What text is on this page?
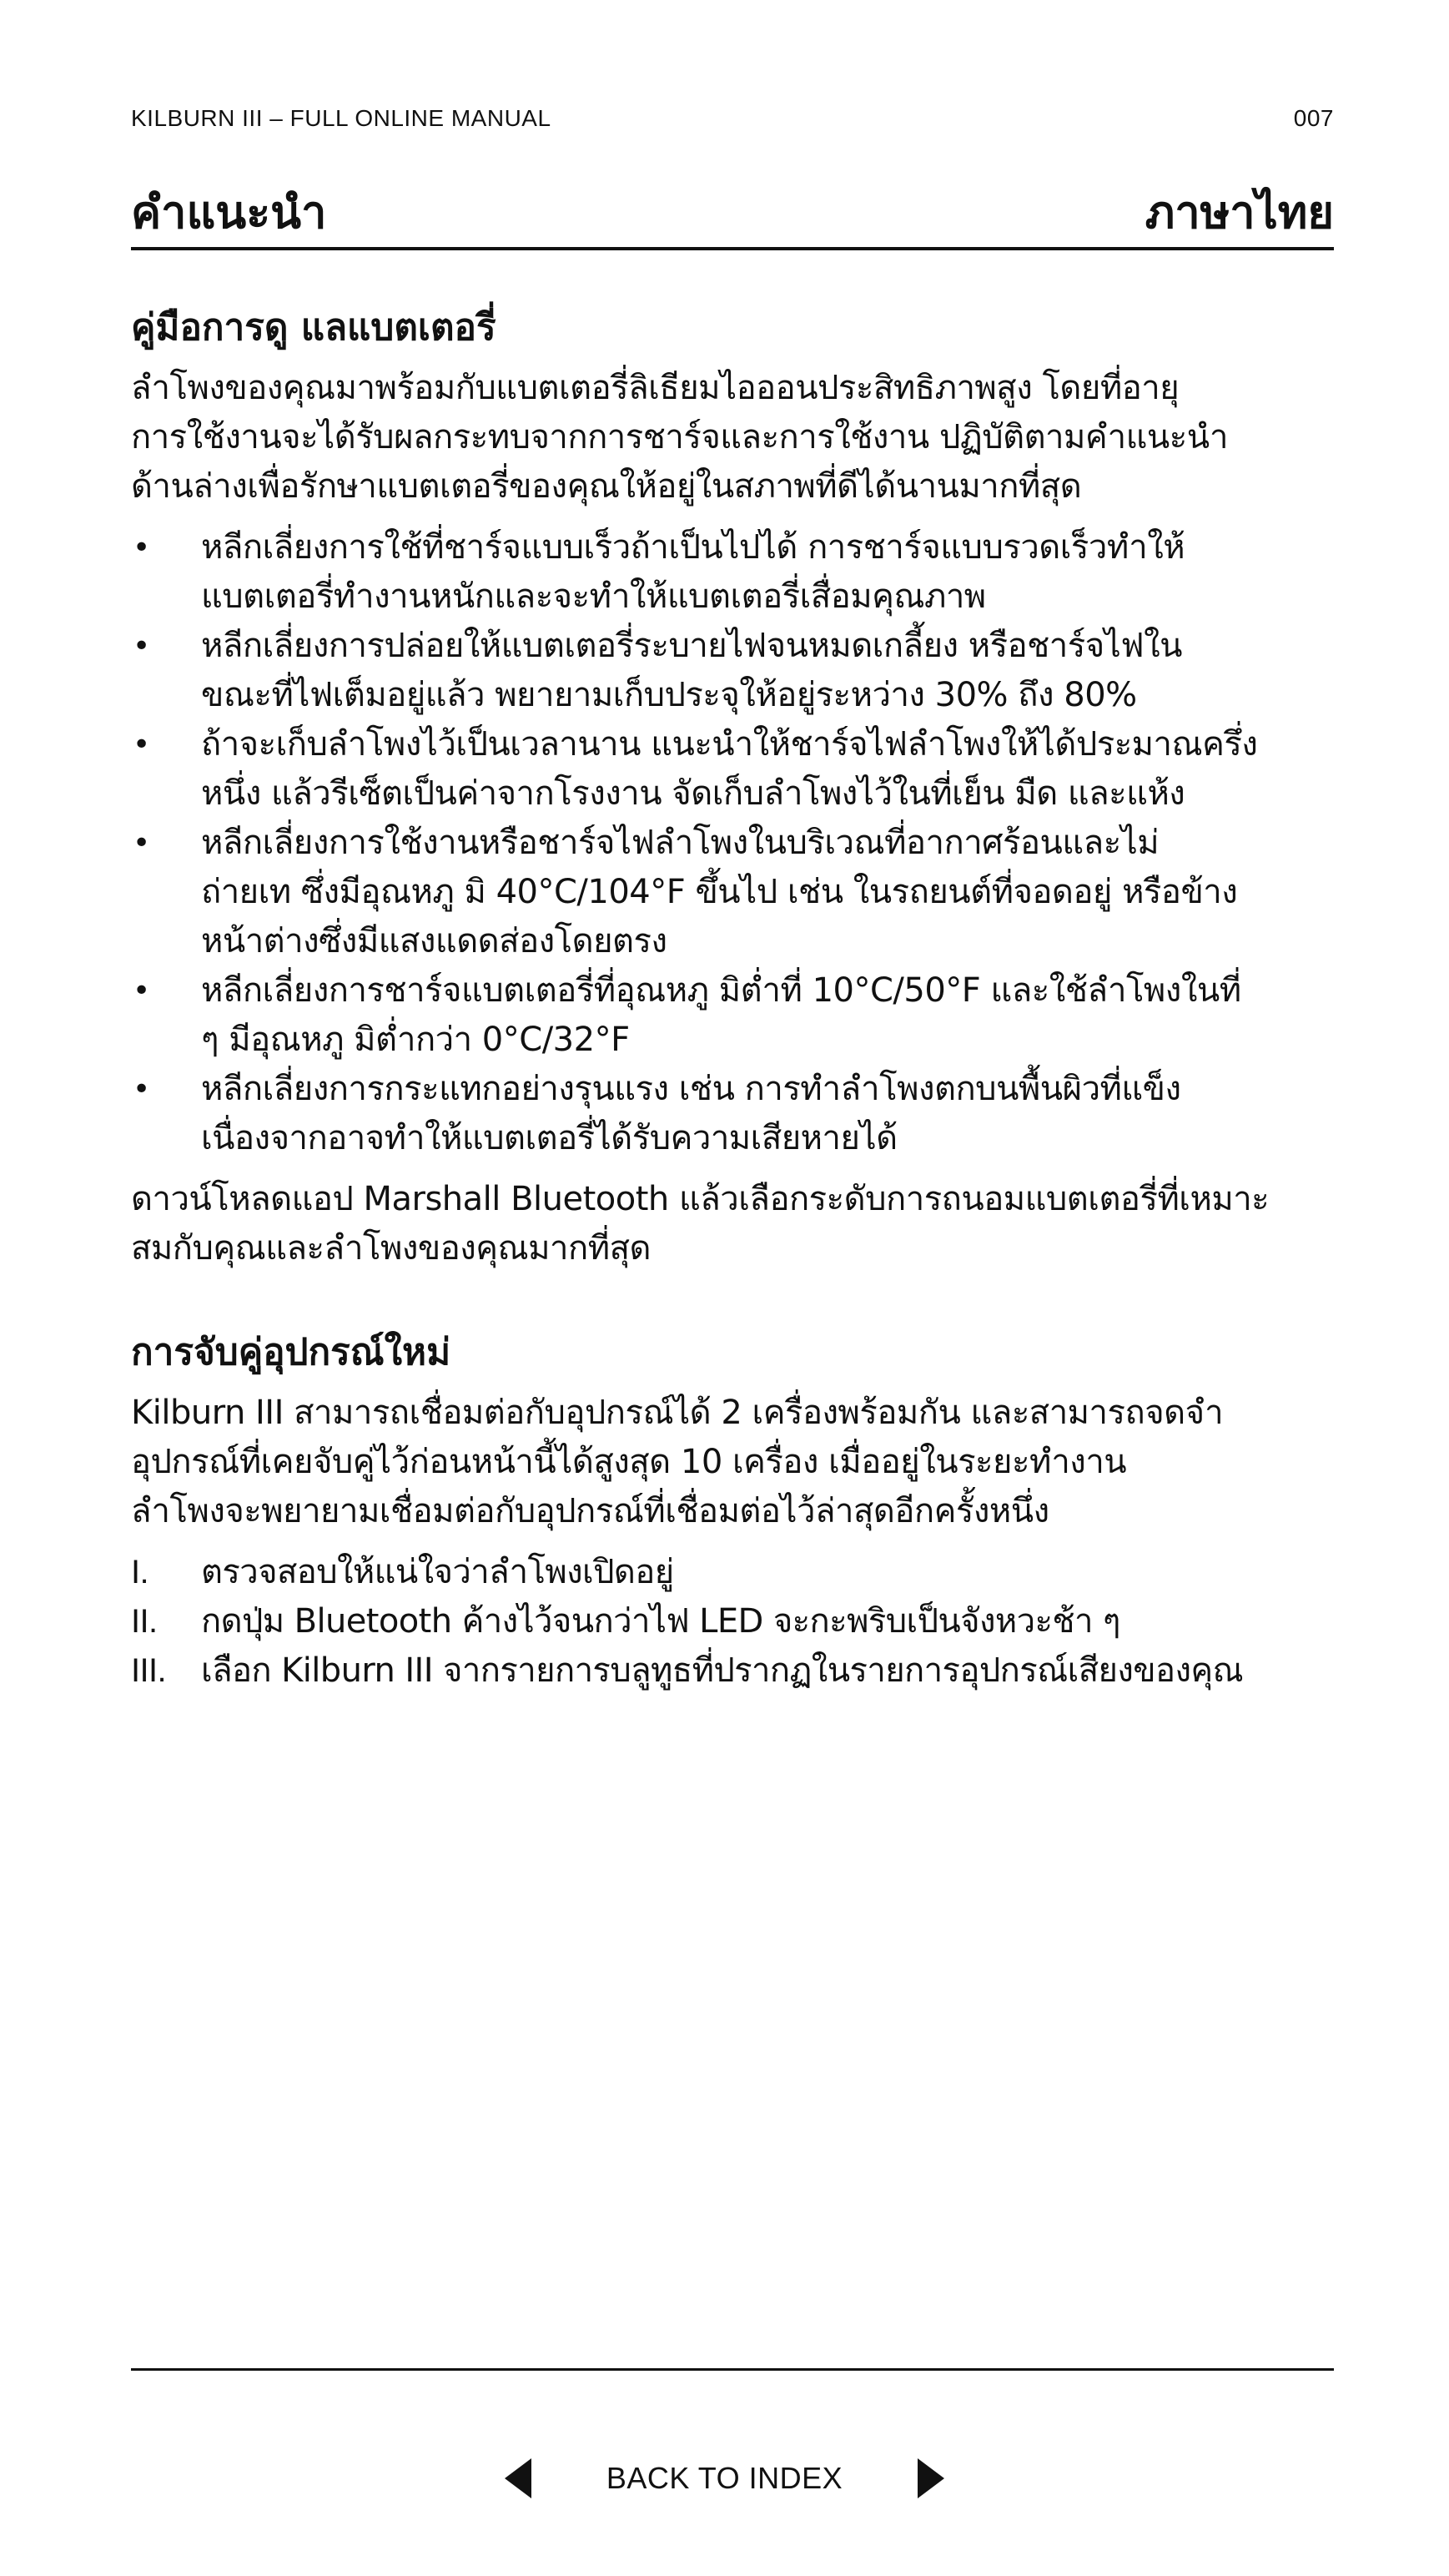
KILBURN III – FULL ONLINE MANUAL	007
คำแนะนำ	ภาษาไทย
คู่มือการดู แลแบตเตอรี่

ลำโพงของคุณมาพร้อมกับแบตเตอรี่ลิเธียมไอออนประสิทธิภาพสูง โดยที่อายุ
การใช้งานจะได้รับผลกระทบจากการชาร์จและการใช้งาน ปฏิบัติตามคำแนะนำ
ด้านล่างเพื่อรักษาแบตเตอรี่ของคุณให้อยู่ในสภาพที่ดีได้นานมากที่สุด

• หลีกเลี่ยงการใช้ที่ชาร์จแบบเร็วถ้าเป็นไปได้ การชาร์จแบบรวดเร็วทำให้
แบตเตอรี่ทำงานหนักและจะทำให้แบตเตอรี่เสื่อมคุณภาพ
• หลีกเลี่ยงการปล่อยให้แบตเตอรี่ระบายไฟจนหมดเกลี้ยง หรือชาร์จไฟใน
ขณะที่ไฟเต็มอยู่แล้ว พยายามเก็บประจุให้อยู่ระหว่าง 30% ถึง 80%
• ถ้าจะเก็บลำโพงไว้เป็นเวลานาน แนะนำให้ชาร์จไฟลำโพงให้ได้ประมาณครึ่ง
หนึ่ง แล้วรีเซ็ตเป็นค่าจากโรงงาน จัดเก็บลำโพงไว้ในที่เย็น มืด และแห้ง
• หลีกเลี่ยงการใช้งานหรือชาร์จไฟลำโพงในบริเวณที่อากาศร้อนและไม่
ถ่ายเท ซึ่งมีอุณหภู มิ 40°C/104°F ขึ้นไป เช่น ในรถยนต์ที่จอดอยู่ หรือข้าง
หน้าต่างซึ่งมีแสงแดดส่องโดยตรง
• หลีกเลี่ยงการชาร์จแบตเตอรี่ที่อุณหภู มิต่ำที่ 10°C/50°F และใช้ลำโพงในที่
ๆ มีอุณหภู มิต่ำกว่า 0°C/32°F
• หลีกเลี่ยงการกระแทกอย่างรุนแรง เช่น การทำลำโพงตกบนพื้นผิวที่แข็ง
เนื่องจากอาจทำให้แบตเตอรี่ได้รับความเสียหายได้

ดาวน์โหลดแอป Marshall Bluetooth แล้วเลือกระดับการถนอมแบตเตอรี่ที่เหมาะ
สมกับคุณและลำโพงของคุณมากที่สุด

การจับคู่อุปกรณ์ใหม่

Kilburn III สามารถเชื่อมต่อกับอุปกรณ์ได้ 2 เครื่องพร้อมกัน และสามารถจดจำ
อุปกรณ์ที่เคยจับคู่ไว้ก่อนหน้านี้ได้สูงสุด 10 เครื่อง เมื่ออยู่ในระยะทำงาน
ลำโพงจะพยายามเชื่อมต่อกับอุปกรณ์ที่เชื่อมต่อไว้ล่าสุดอีกครั้งหนึ่ง

I. ตรวจสอบให้แน่ใจว่าลำโพงเปิดอยู่
II. กดปุ่ม Bluetooth ค้างไว้จนกว่าไฟ LED จะกะพริบเป็นจังหวะช้า ๆ
III. เลือก Kilburn III จากรายการบลูทูธที่ปรากฏในรายการอุปกรณ์เสียงของคุณ
BACK TO INDEX
